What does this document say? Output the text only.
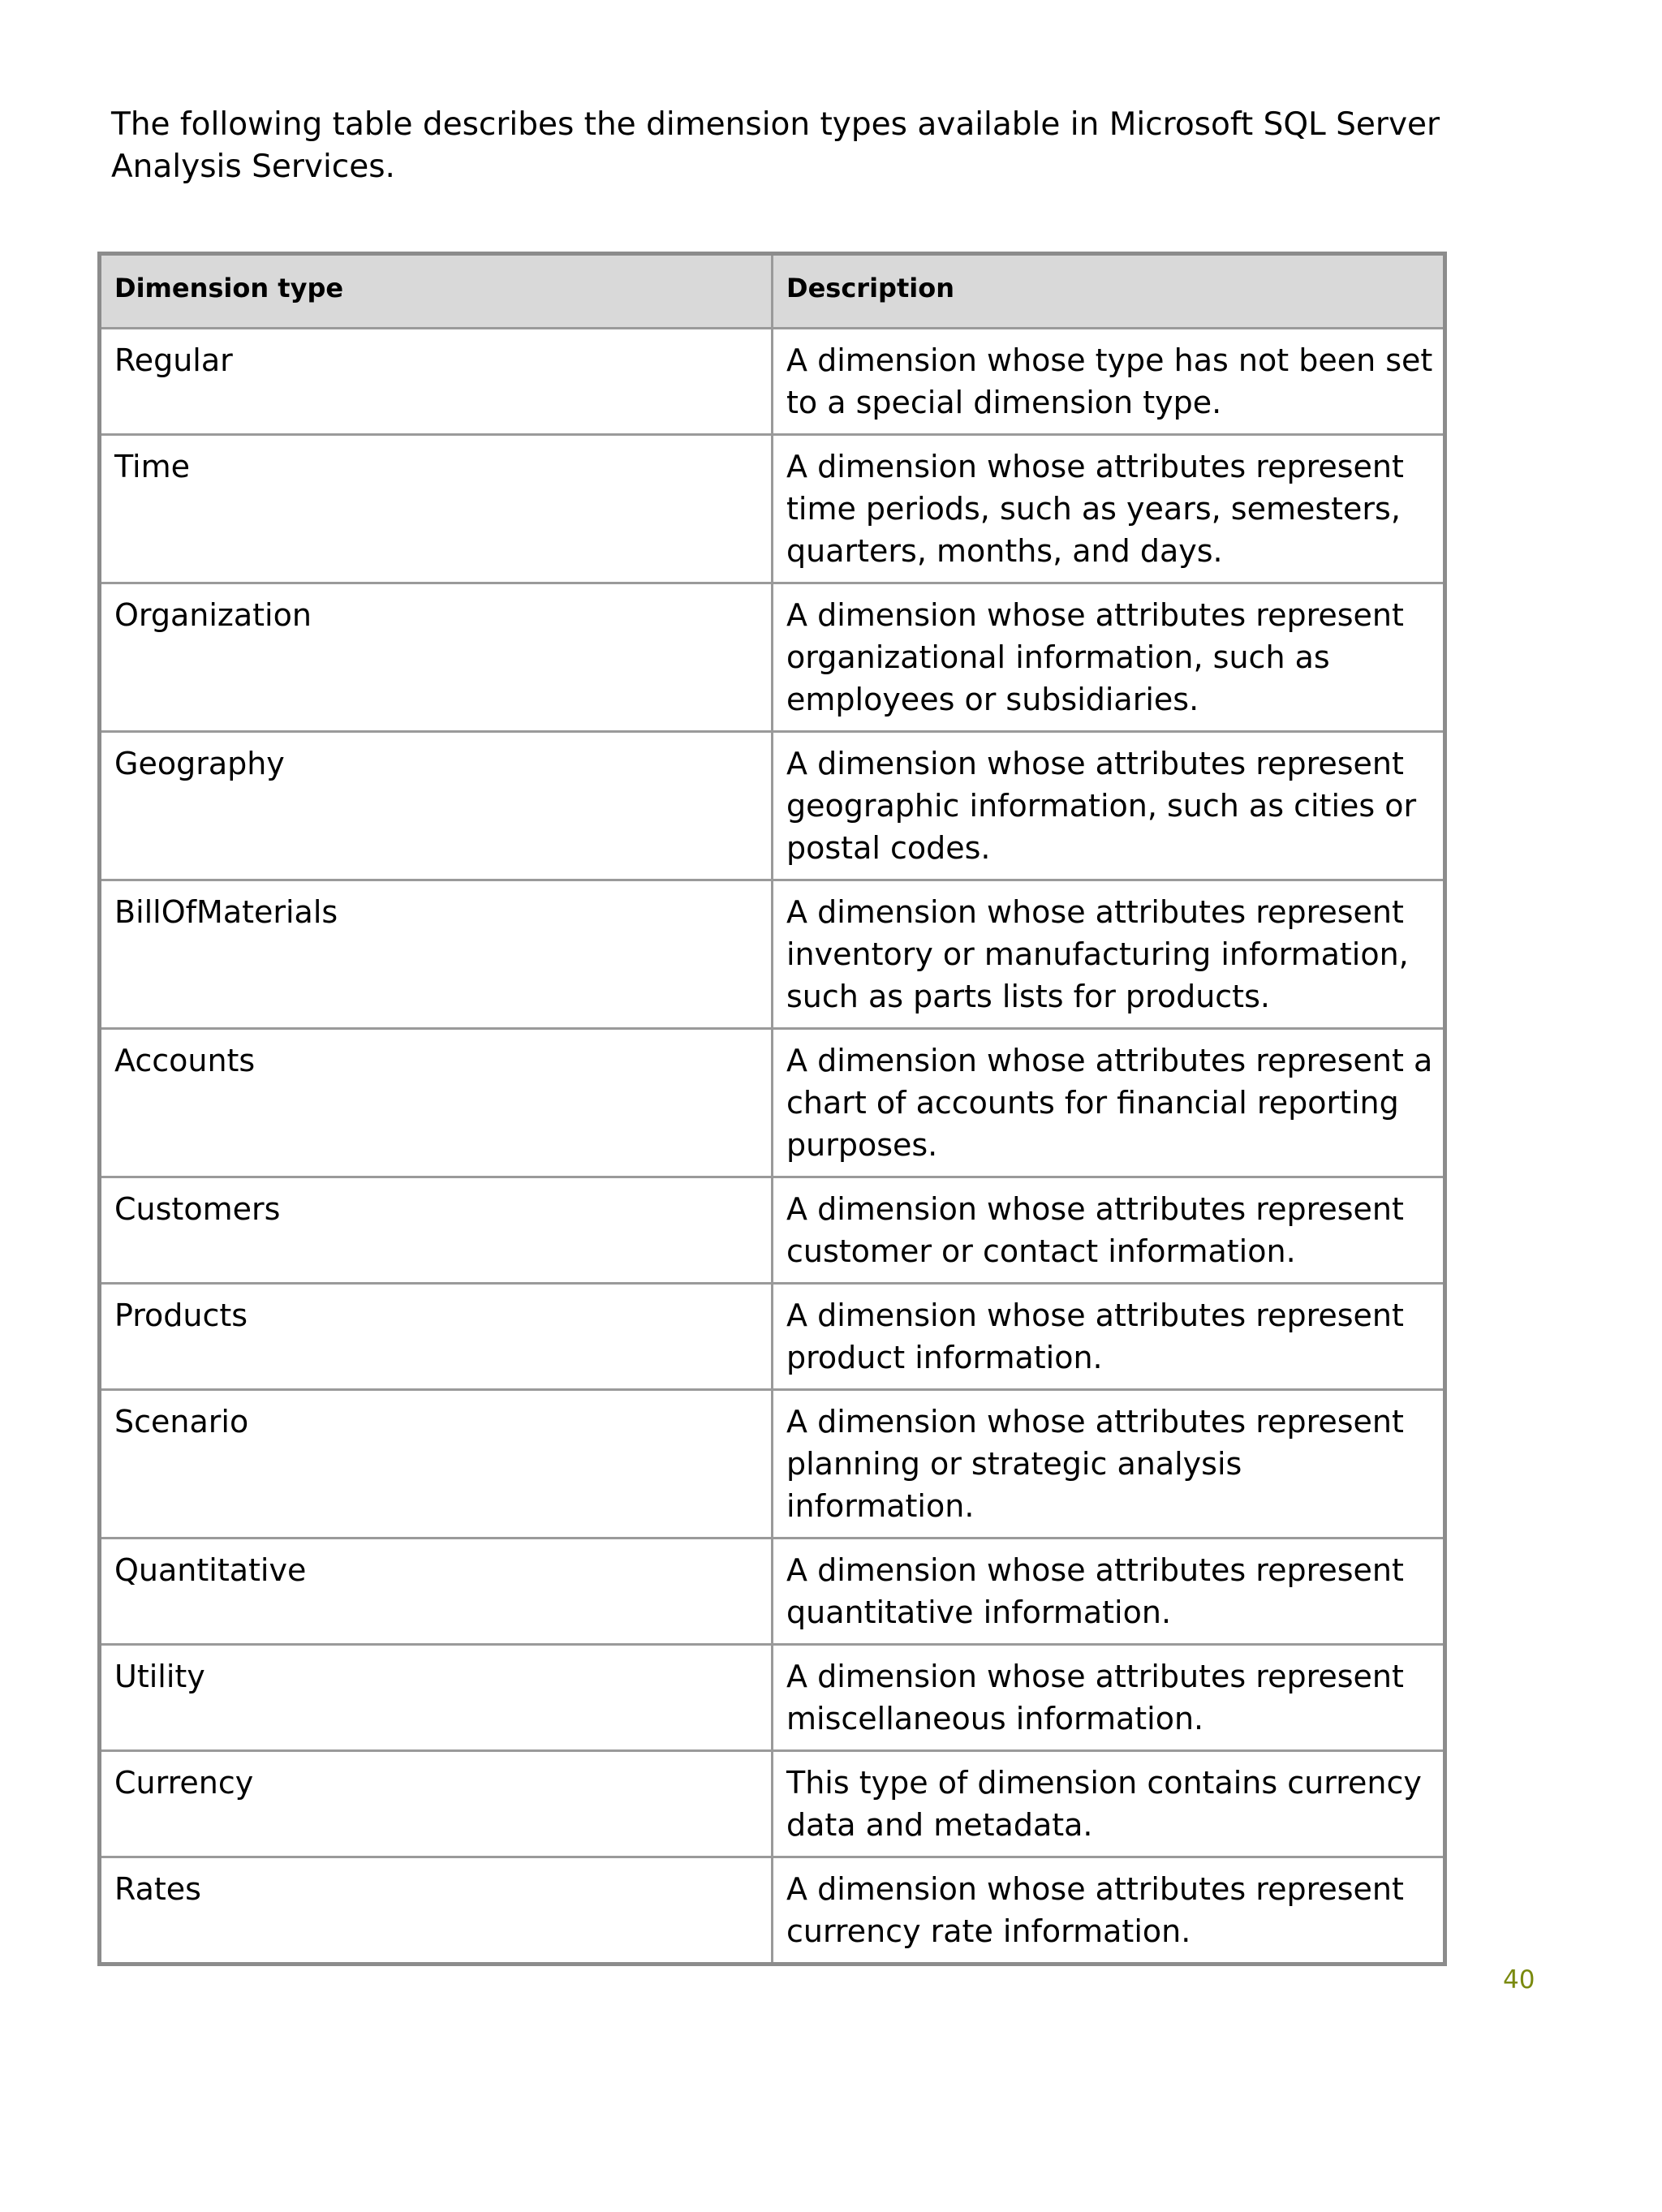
The following table describes the dimension types available in Microsoft SQL Server Analysis Services.

Dimension type	Description
Regular	A dimension whose type has not been set to a special dimension type.
Time	A dimension whose attributes represent time periods, such as years, semesters, quarters, months, and days.
Organization	A dimension whose attributes represent organizational information, such as employees or subsidiaries.
Geography	A dimension whose attributes represent geographic information, such as cities or postal codes.
BillOfMaterials	A dimension whose attributes represent inventory or manufacturing information, such as parts lists for products.
Accounts	A dimension whose attributes represent a chart of accounts for financial reporting purposes.
Customers	A dimension whose attributes represent customer or contact information.
Products	A dimension whose attributes represent product information.
Scenario	A dimension whose attributes represent planning or strategic analysis information.
Quantitative	A dimension whose attributes represent quantitative information.
Utility	A dimension whose attributes represent miscellaneous information.
Currency	This type of dimension contains currency data and metadata.
Rates	A dimension whose attributes represent currency rate information.
40
